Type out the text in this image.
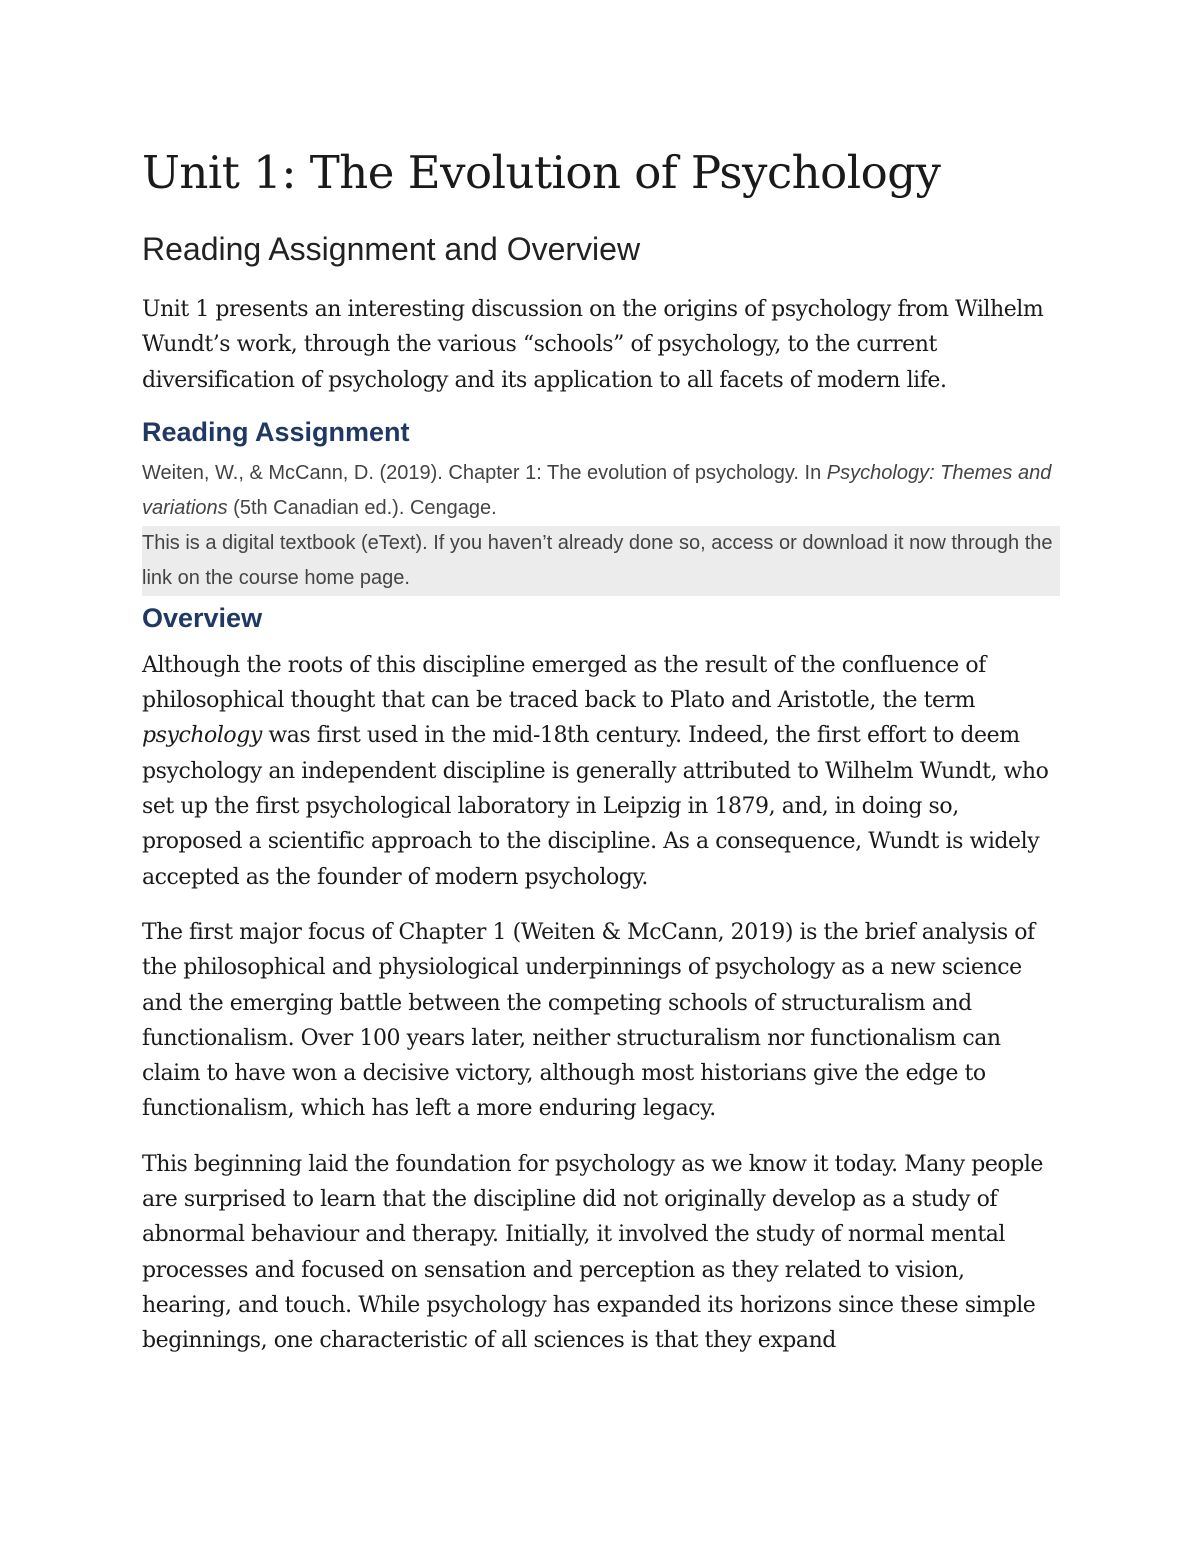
Unit 1: The Evolution of Psychology
Reading Assignment and Overview

Unit 1 presents an interesting discussion on the origins of psychology from Wilhelm Wundt’s work, through the various “schools” of psychology, to the current diversification of psychology and its application to all facets of modern life.

Reading Assignment

Weiten, W., & McCann, D. (2019). Chapter 1: The evolution of psychology. In Psychology: Themes and variations (5th Canadian ed.). Cengage.

This is a digital textbook (eText). If you haven’t already done so, access or download it now through the link on the course home page.

Overview

Although the roots of this discipline emerged as the result of the confluence of philosophical thought that can be traced back to Plato and Aristotle, the term psychology was first used in the mid-18th century. Indeed, the first effort to deem psychology an independent discipline is generally attributed to Wilhelm Wundt, who set up the first psychological laboratory in Leipzig in 1879, and, in doing so, proposed a scientific approach to the discipline. As a consequence, Wundt is widely accepted as the founder of modern psychology.

The first major focus of Chapter 1 (Weiten & McCann, 2019) is the brief analysis of the philosophical and physiological underpinnings of psychology as a new science and the emerging battle between the competing schools of structuralism and functionalism. Over 100 years later, neither structuralism nor functionalism can claim to have won a decisive victory, although most historians give the edge to functionalism, which has left a more enduring legacy.

This beginning laid the foundation for psychology as we know it today. Many people are surprised to learn that the discipline did not originally develop as a study of abnormal behaviour and therapy. Initially, it involved the study of normal mental processes and focused on sensation and perception as they related to vision, hearing, and touch. While psychology has expanded its horizons since these simple beginnings, one characteristic of all sciences is that they expand
